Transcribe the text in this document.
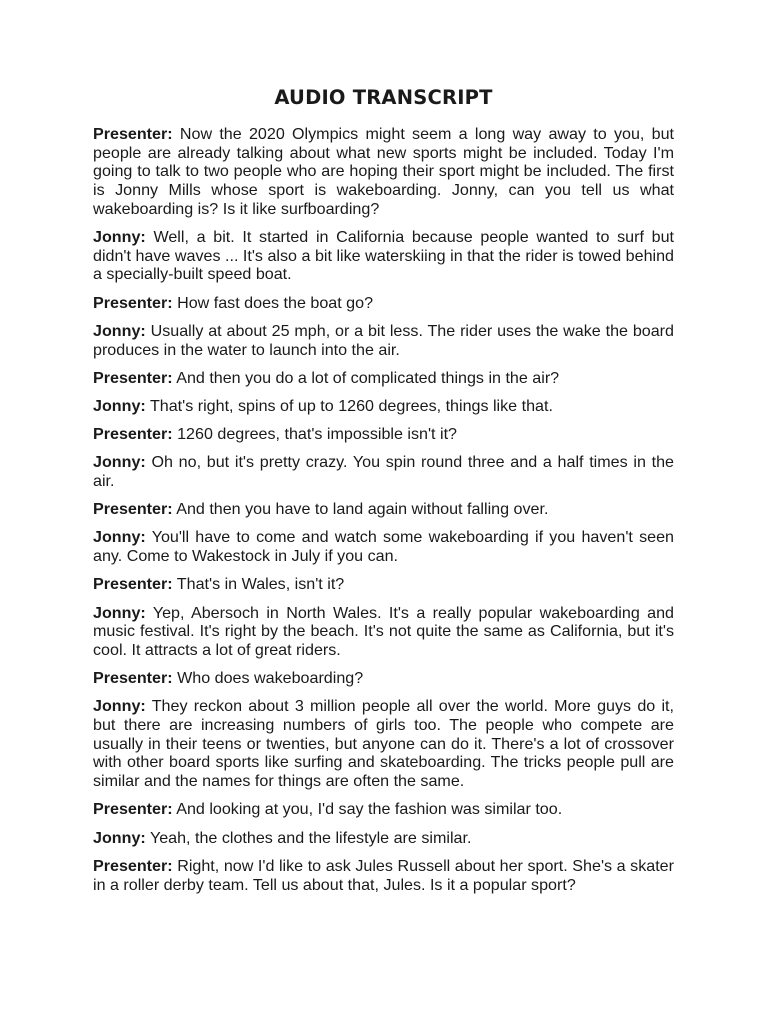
AUDIO TRANSCRIPT

Presenter: Now the 2020 Olympics might seem a long way away to you, but people are already talking about what new sports might be included. Today I'm going to talk to two people who are hoping their sport might be included. The first is Jonny Mills whose sport is wakeboarding. Jonny, can you tell us what wakeboarding is? Is it like surfboarding?

Jonny: Well, a bit. It started in California because people wanted to surf but didn't have waves ... It's also a bit like waterskiing in that the rider is towed behind a specially-built speed boat.

Presenter: How fast does the boat go?

Jonny: Usually at about 25 mph, or a bit less. The rider uses the wake the board produces in the water to launch into the air.

Presenter: And then you do a lot of complicated things in the air?

Jonny: That's right, spins of up to 1260 degrees, things like that.

Presenter: 1260 degrees, that's impossible isn't it?

Jonny: Oh no, but it's pretty crazy. You spin round three and a half times in the air.

Presenter: And then you have to land again without falling over.

Jonny: You'll have to come and watch some wakeboarding if you haven't seen any. Come to Wakestock in July if you can.

Presenter: That's in Wales, isn't it?

Jonny: Yep, Abersoch in North Wales. It's a really popular wakeboarding and music festival. It's right by the beach. It's not quite the same as California, but it's cool. It attracts a lot of great riders.

Presenter: Who does wakeboarding?

Jonny: They reckon about 3 million people all over the world. More guys do it, but there are increasing numbers of girls too. The people who compete are usually in their teens or twenties, but anyone can do it. There's a lot of crossover with other board sports like surfing and skateboarding. The tricks people pull are similar and the names for things are often the same.

Presenter: And looking at you, I'd say the fashion was similar too.

Jonny: Yeah, the clothes and the lifestyle are similar.

Presenter: Right, now I'd like to ask Jules Russell about her sport. She's a skater in a roller derby team. Tell us about that, Jules. Is it a popular sport?
